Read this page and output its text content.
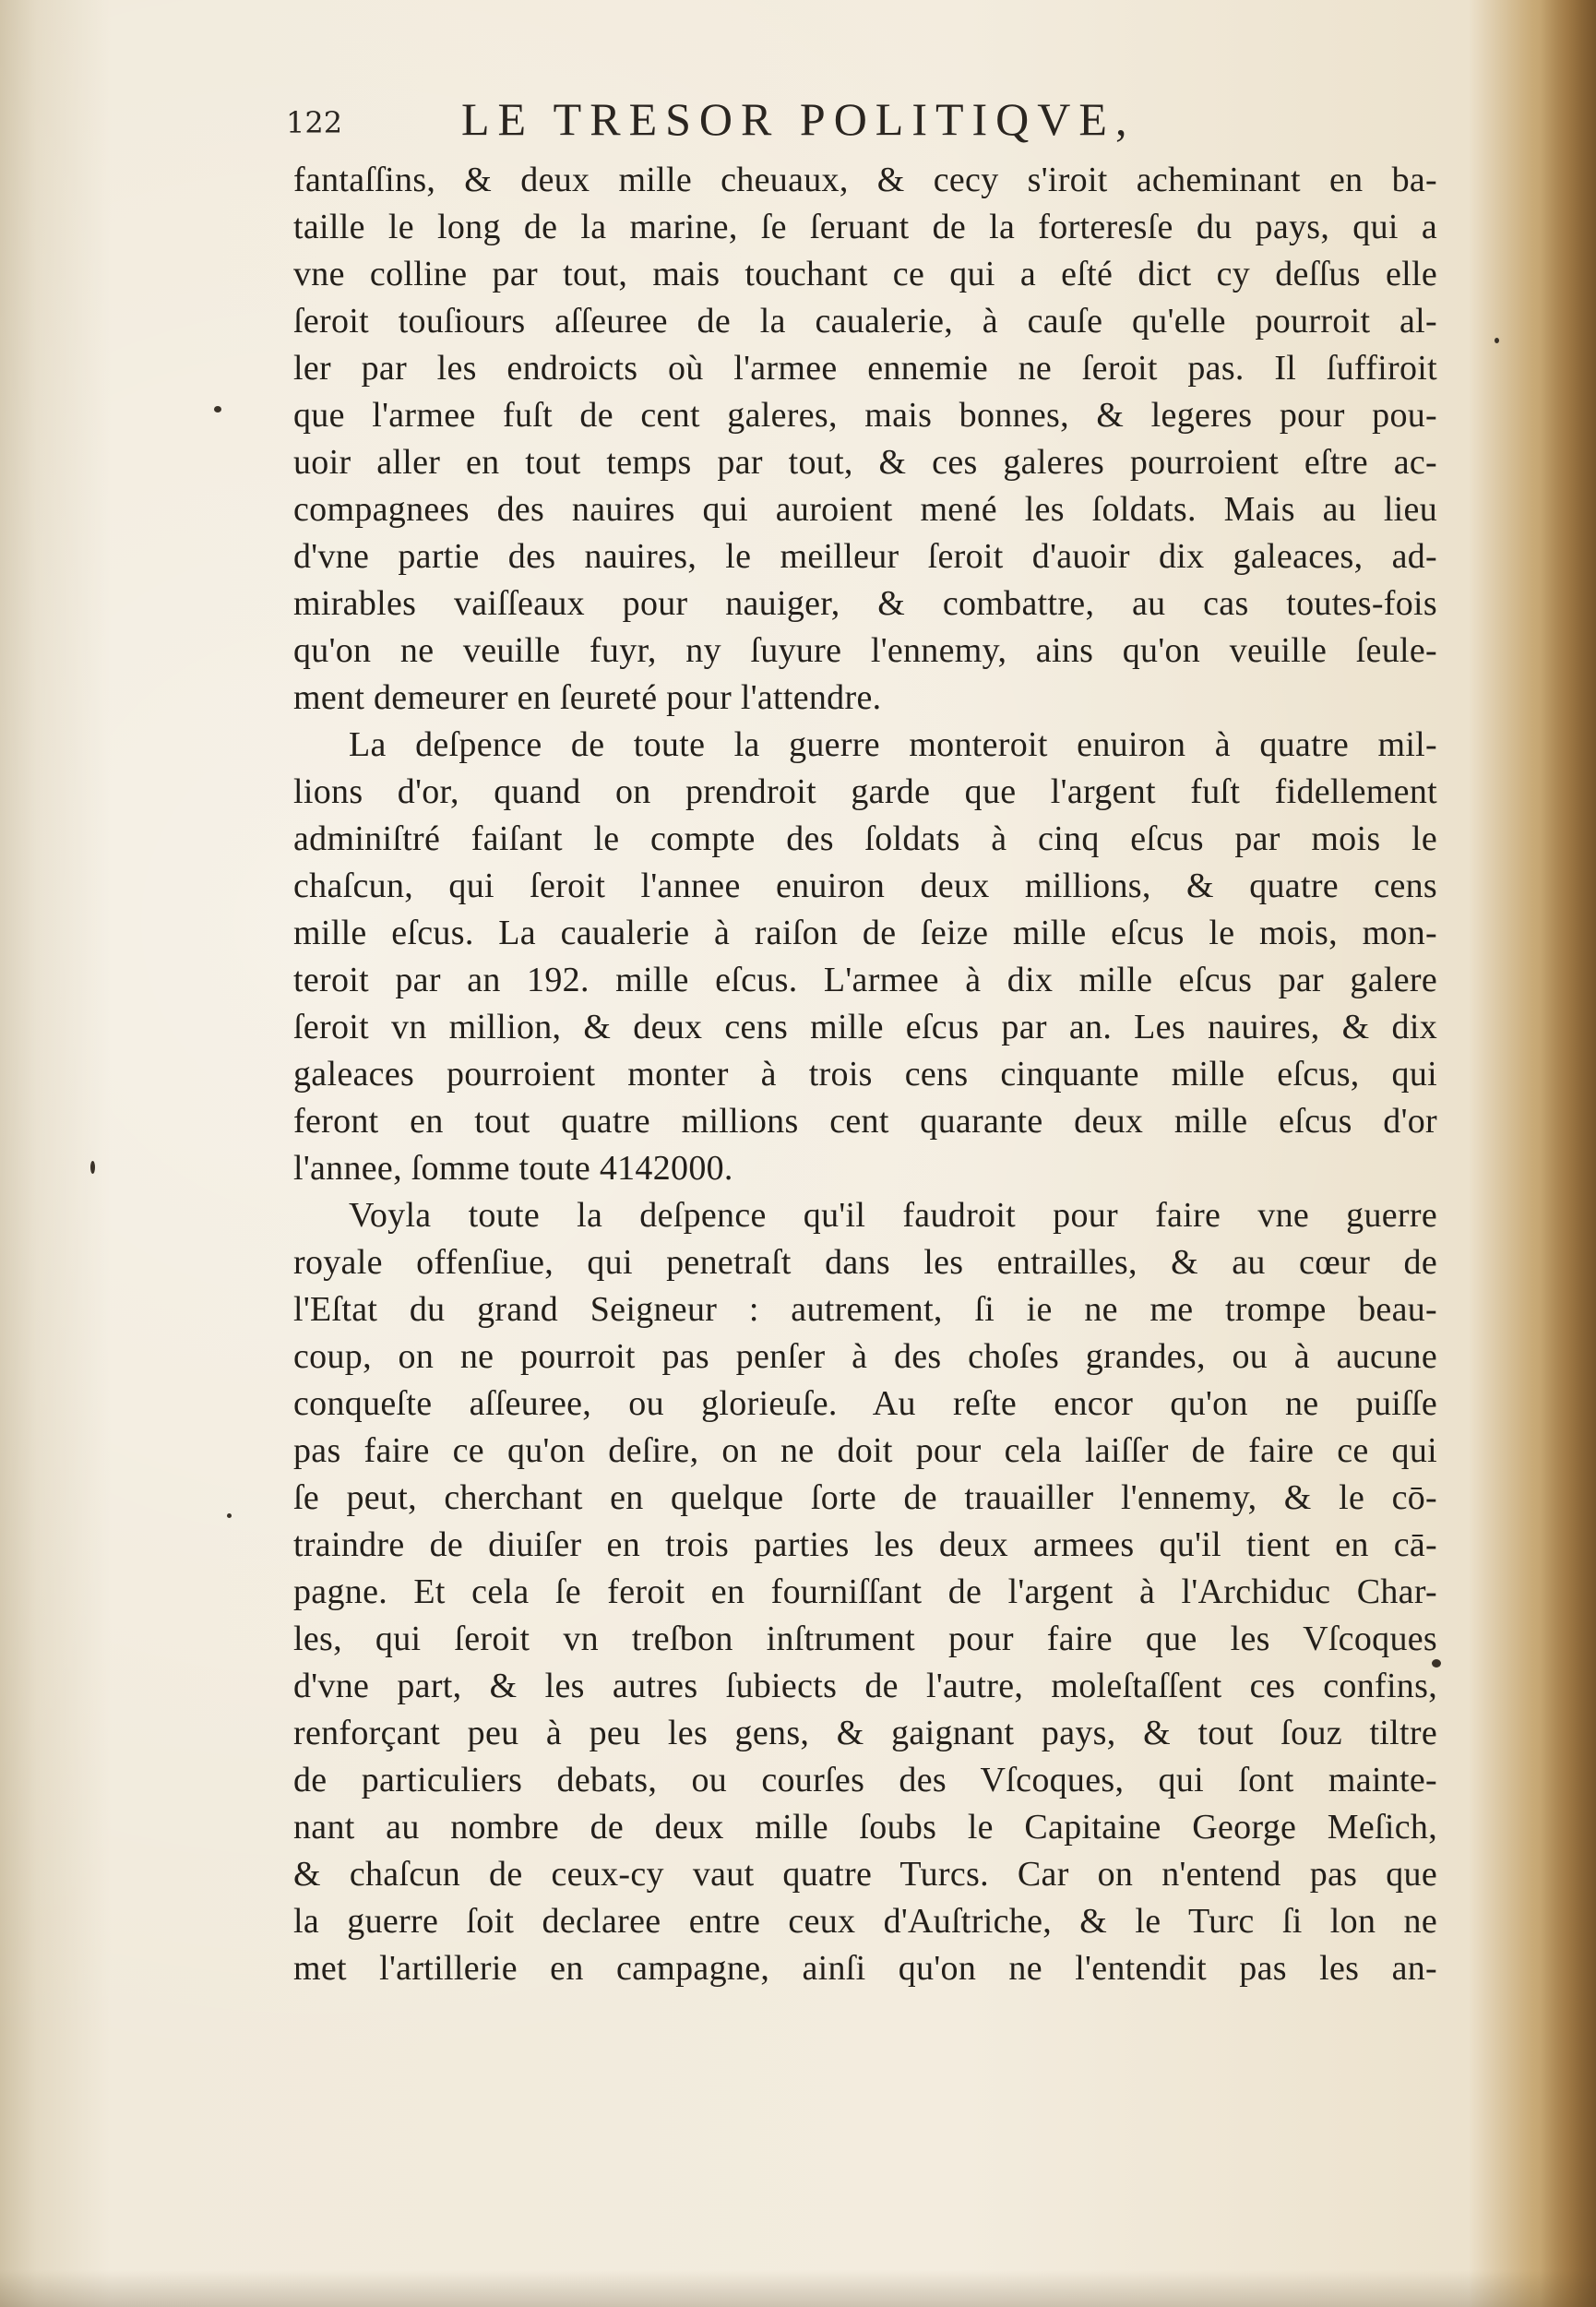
122	LE TRESOR POLITIQVE,
fantaſſins, & deux mille cheuaux, & cecy s'iroit acheminant en ba-
taille le long de la marine, ſe ſeruant de la forteresſe du pays, qui a
vne colline par tout, mais touchant ce qui a eſté dict cy deſſus elle
ſeroit touſiours aſſeuree de la caualerie, à cauſe qu'elle pourroit al-
ler par les endroicts où l'armee ennemie ne ſeroit pas. Il ſuffiroit
que l'armee fuſt de cent galeres, mais bonnes, & legeres pour pou-
uoir aller en tout temps par tout, & ces galeres pourroient eſtre ac-
compagnees des nauires qui auroient mené les ſoldats. Mais au lieu
d'vne partie des nauires, le meilleur ſeroit d'auoir dix galeaces, ad-
mirables vaiſſeaux pour nauiger, & combattre, au cas toutes-fois
qu'on ne veuille fuyr, ny ſuyure l'ennemy, ains qu'on veuille ſeule-
ment demeurer en ſeureté pour l'attendre.
La deſpence de toute la guerre monteroit enuiron à quatre mil-
lions d'or, quand on prendroit garde que l'argent fuſt fidellement
adminiſtré faiſant le compte des ſoldats à cinq eſcus par mois le
chaſcun, qui ſeroit l'annee enuiron deux millions, & quatre cens
mille eſcus. La caualerie à raiſon de ſeize mille eſcus le mois, mon-
teroit par an 192. mille eſcus. L'armee à dix mille eſcus par galere
ſeroit vn million, & deux cens mille eſcus par an. Les nauires, & dix
galeaces pourroient monter à trois cens cinquante mille eſcus, qui
feront en tout quatre millions cent quarante deux mille eſcus d'or
l'annee, ſomme toute 4142000.
Voyla toute la deſpence qu'il faudroit pour faire vne guerre
royale offenſiue, qui penetraſt dans les entrailles, & au cœur de
l'Eſtat du grand Seigneur : autrement, ſi ie ne me trompe beau-
coup, on ne pourroit pas penſer à des choſes grandes, ou à aucune
conqueſte aſſeuree, ou glorieuſe. Au reſte encor qu'on ne puiſſe
pas faire ce qu'on deſire, on ne doit pour cela laiſſer de faire ce qui
ſe peut, cherchant en quelque ſorte de trauailler l'ennemy, & le cō-
traindre de diuiſer en trois parties les deux armees qu'il tient en cā-
pagne. Et cela ſe feroit en fourniſſant de l'argent à l'Archiduc Char-
les, qui ſeroit vn treſbon inſtrument pour faire que les Vſcoques
d'vne part, & les autres ſubiects de l'autre, moleſtaſſent ces confins,
renforçant peu à peu les gens, & gaignant pays, & tout ſouz tiltre
de particuliers debats, ou courſes des Vſcoques, qui ſont mainte-
nant au nombre de deux mille ſoubs le Capitaine George Meſich,
& chaſcun de ceux-cy vaut quatre Turcs. Car on n'entend pas que
la guerre ſoit declaree entre ceux d'Auſtriche, & le Turc ſi lon ne
met l'artillerie en campagne, ainſi qu'on ne l'entendit pas les an-
